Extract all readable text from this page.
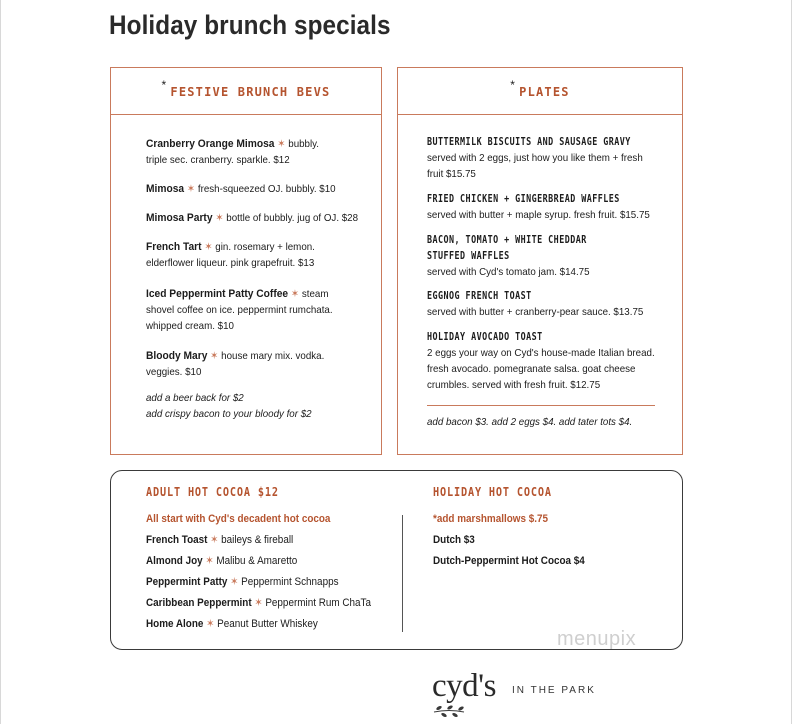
Holiday brunch specials
* FESTIVE BRUNCH BEVS
Cranberry Orange Mimosa ✶ bubbly.
triple sec. cranberry. sparkle. $12
Mimosa ✶ fresh-squeezed OJ. bubbly. $10
Mimosa Party ✶ bottle of bubbly. jug of OJ. $28
French Tart ✶ gin. rosemary + lemon.
elderflower liqueur. pink grapefruit. $13
Iced Peppermint Patty Coffee ✶ steam
shovel coffee on ice. peppermint rumchata.
whipped cream. $10
Bloody Mary ✶ house mary mix. vodka.
veggies. $10
add a beer back for $2
add crispy bacon to your bloody for $2
* PLATES
BUTTERMILK BISCUITS AND SAUSAGE GRAVY
served with 2 eggs, just how you like them + fresh
fruit $15.75
FRIED CHICKEN + GINGERBREAD WAFFLES
served with butter + maple syrup. fresh fruit. $15.75
BACON, TOMATO + WHITE CHEDDAR
STUFFED WAFFLES
served with Cyd's tomato jam. $14.75
EGGNOG FRENCH TOAST
served with butter + cranberry-pear sauce. $13.75
HOLIDAY AVOCADO TOAST
2 eggs your way on Cyd's house-made Italian bread.
fresh avocado. pomegranate salsa. goat cheese
crumbles. served with fresh fruit. $12.75
add bacon $3. add 2 eggs $4. add tater tots $4.
ADULT HOT COCOA $12
All start with Cyd's decadent hot cocoa
French Toast ✶ baileys & fireball
Almond Joy ✶ Malibu & Amaretto
Peppermint Patty ✶ Peppermint Schnapps
Caribbean Peppermint ✶ Peppermint Rum ChaTa
Home Alone ✶ Peanut Butter Whiskey
HOLIDAY HOT COCOA
*add marshmallows $.75
Dutch $3
Dutch-Peppermint Hot Cocoa $4
menupix
cyd's IN THE PARK
